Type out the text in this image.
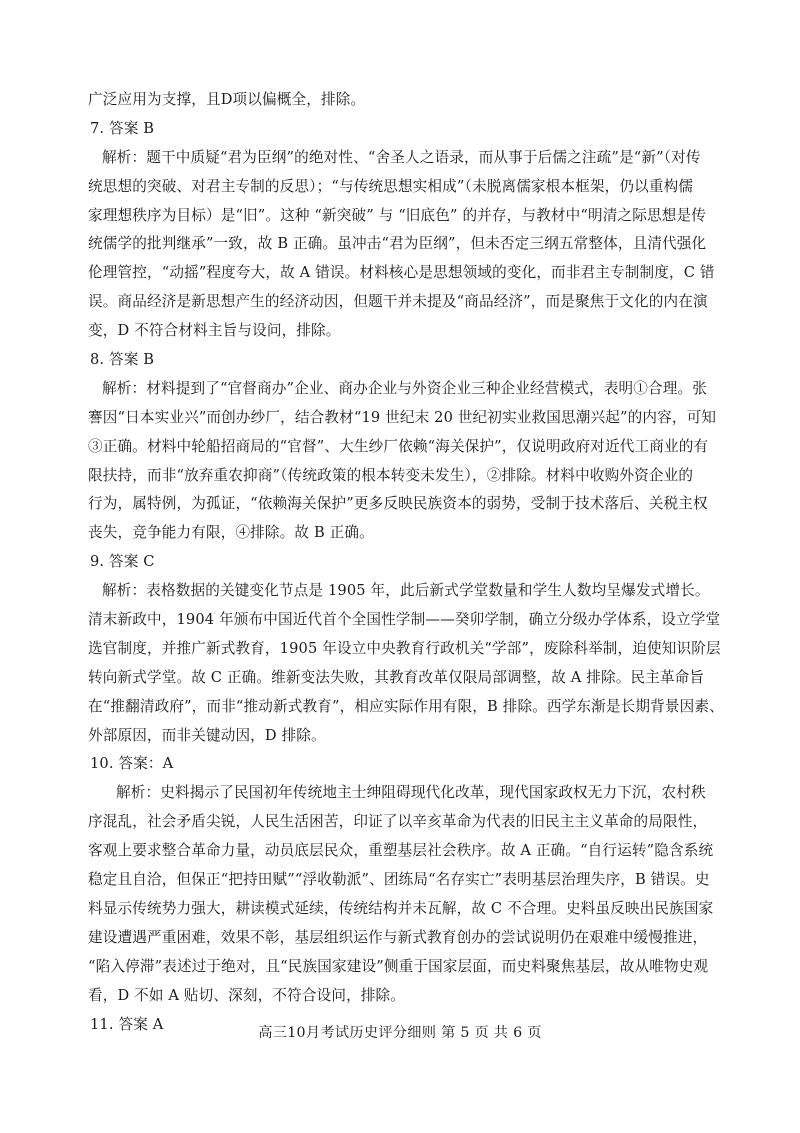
广泛应用为支撑，且D项以偏概全，排除。
7. 答案 B
解析：题干中质疑“君为臣纲”的绝对性、“舍圣人之语录，而从事于后儒之注疏”是“新”（对传
统思想的突破、对君主专制的反思）；“与传统思想实相成”（未脱离儒家根本框架，仍以重构儒
家理想秩序为目标）是“旧”。这种 “新突破” 与 “旧底色” 的并存，与教材中“明清之际思想是传
统儒学的批判继承”一致，故 B 正确。虽冲击“君为臣纲”，但未否定三纲五常整体，且清代强化
伦理管控，“动摇”程度夸大，故 A 错误。材料核心是思想领域的变化，而非君主专制制度，C 错
误。商品经济是新思想产生的经济动因，但题干并未提及“商品经济”，而是聚焦于文化的内在演
变，D 不符合材料主旨与设问，排除。
8. 答案 B
解析：材料提到了“官督商办”企业、商办企业与外资企业三种企业经营模式，表明①合理。张
謇因“日本实业兴”而创办纱厂，结合教材“19 世纪末 20 世纪初实业救国思潮兴起”的内容，可知
③正确。材料中轮船招商局的“官督”、大生纱厂依赖“海关保护”，仅说明政府对近代工商业的有
限扶持，而非“放弃重农抑商”（传统政策的根本转变未发生），②排除。材料中收购外资企业的
行为，属特例，为孤证，“依赖海关保护”更多反映民族资本的弱势，受制于技术落后、关税主权
丧失，竞争能力有限，④排除。故 B 正确。
9. 答案 C
解析：表格数据的关键变化节点是 1905 年，此后新式学堂数量和学生人数均呈爆发式增长。
清末新政中，1904 年颁布中国近代首个全国性学制——癸卯学制，确立分级办学体系，设立学堂
选官制度，并推广新式教育，1905 年设立中央教育行政机关“学部”，废除科举制，迫使知识阶层
转向新式学堂。故 C 正确。维新变法失败，其教育改革仅限局部调整，故 A 排除。民主革命旨
在“推翻清政府”，而非“推动新式教育”，相应实际作用有限，B 排除。西学东渐是长期背景因素、
外部原因，而非关键动因，D 排除。
10. 答案：A
解析：史料揭示了民国初年传统地主士绅阻碍现代化改革，现代国家政权无力下沉，农村秩
序混乱，社会矛盾尖锐，人民生活困苦，印证了以辛亥革命为代表的旧民主主义革命的局限性，
客观上要求整合革命力量，动员底层民众，重塑基层社会秩序。故 A 正确。“自行运转”隐含系统
稳定且自洽，但保正“把持田赋”“浮收勒派”、团练局“名存实亡”表明基层治理失序，B 错误。史
料显示传统势力强大，耕读模式延续，传统结构并未瓦解，故 C 不合理。史料虽反映出民族国家
建设遭遇严重困难，效果不彰，基层组织运作与新式教育创办的尝试说明仍在艰难中缓慢推进，
“陷入停滞”表述过于绝对，且“民族国家建设”侧重于国家层面，而史料聚焦基层，故从唯物史观
看，D 不如 A 贴切、深刻，不符合设问，排除。
11. 答案 A
高三10月考试历史评分细则 第 5 页 共 6 页
